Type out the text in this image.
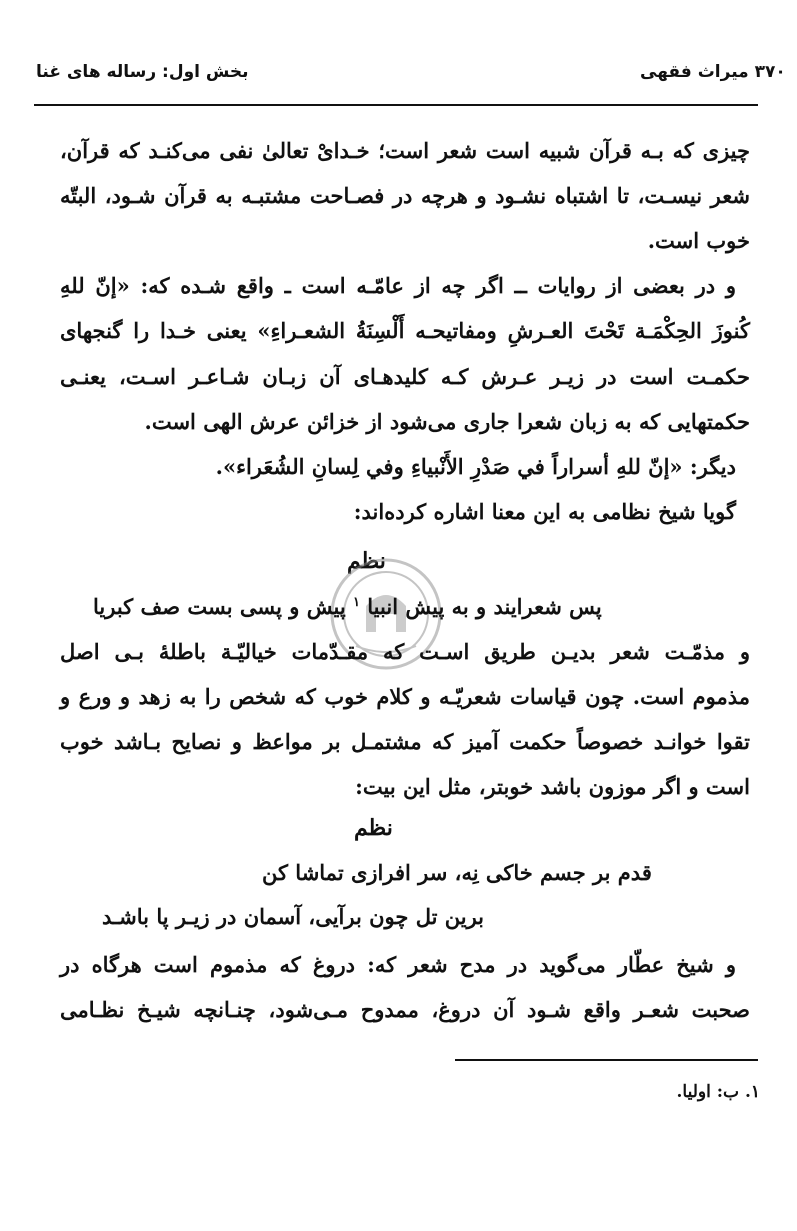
۳۷۰ میراث فقهی
بخش اول: رساله های غنا
چیزی که بـه قرآن شبیه است شعر است؛ خـدایْ تعالیٰ نفی می‌کنـد که قرآن،
شعر نیسـت، تا اشتباه نشـود و هرچه در فصـاحت مشتبـه به قرآن شـود، البتّه
خوب است.
و در بعضی از روایات ــ اگر چه از عامّـه است ـ واقع شـده که: «إنّ للهِ
کُنوزَ الحِکْمَـة تَحْتَ العـرشِ ومفاتیحـه أَلْسِنَةُ الشعـراءِ» یعنی خـدا را گنجهای
حکمـت است در زیـر عـرش کـه کلیدهـای آن زبـان شـاعـر اسـت، یعنـی
حکمتهایی که به زبان شعرا جاری می‌شود از خزائن عرش الهی است.
دیگر: «إنّ للهِ أسراراً في صَدْرِ الأَنْبياءِ وفي لِسانِ الشُعَراء».
گویا شیخ نظامی به این معنا اشاره کرده‌اند:
نظم
پس شعرایند و به پیش انبیا $^۱$ پیش و پسی بست صف کبریا
و مذمّـت شعر بدیـن طریق اسـت که مقـدّمات خیالیّـة باطلهٔ بـی اصل
مذموم است. چون قیاسات شعریّـه و کلام خوب که شخص را به زهد و ورع و
تقوا خوانـد خصوصاً حکمت آمیز که مشتمـل بر مواعظ و نصایح بـاشد خوب
است و اگر موزون باشد خوبتر، مثل این بیت:
نظم
قدم بر جسم خاکی نِه، سر افرازی تماشا کن
برین تل چون برآیی، آسمان در زیـر پا باشـد
و شیخ عطّار می‌گوید در مدح شعر که: دروغ که مذموم است هرگاه در
صحبت شعـر واقع شـود آن دروغ، ممدوح مـی‌شود، چنـانچه شیـخ نظـامی
۱. ب: اولیا.
